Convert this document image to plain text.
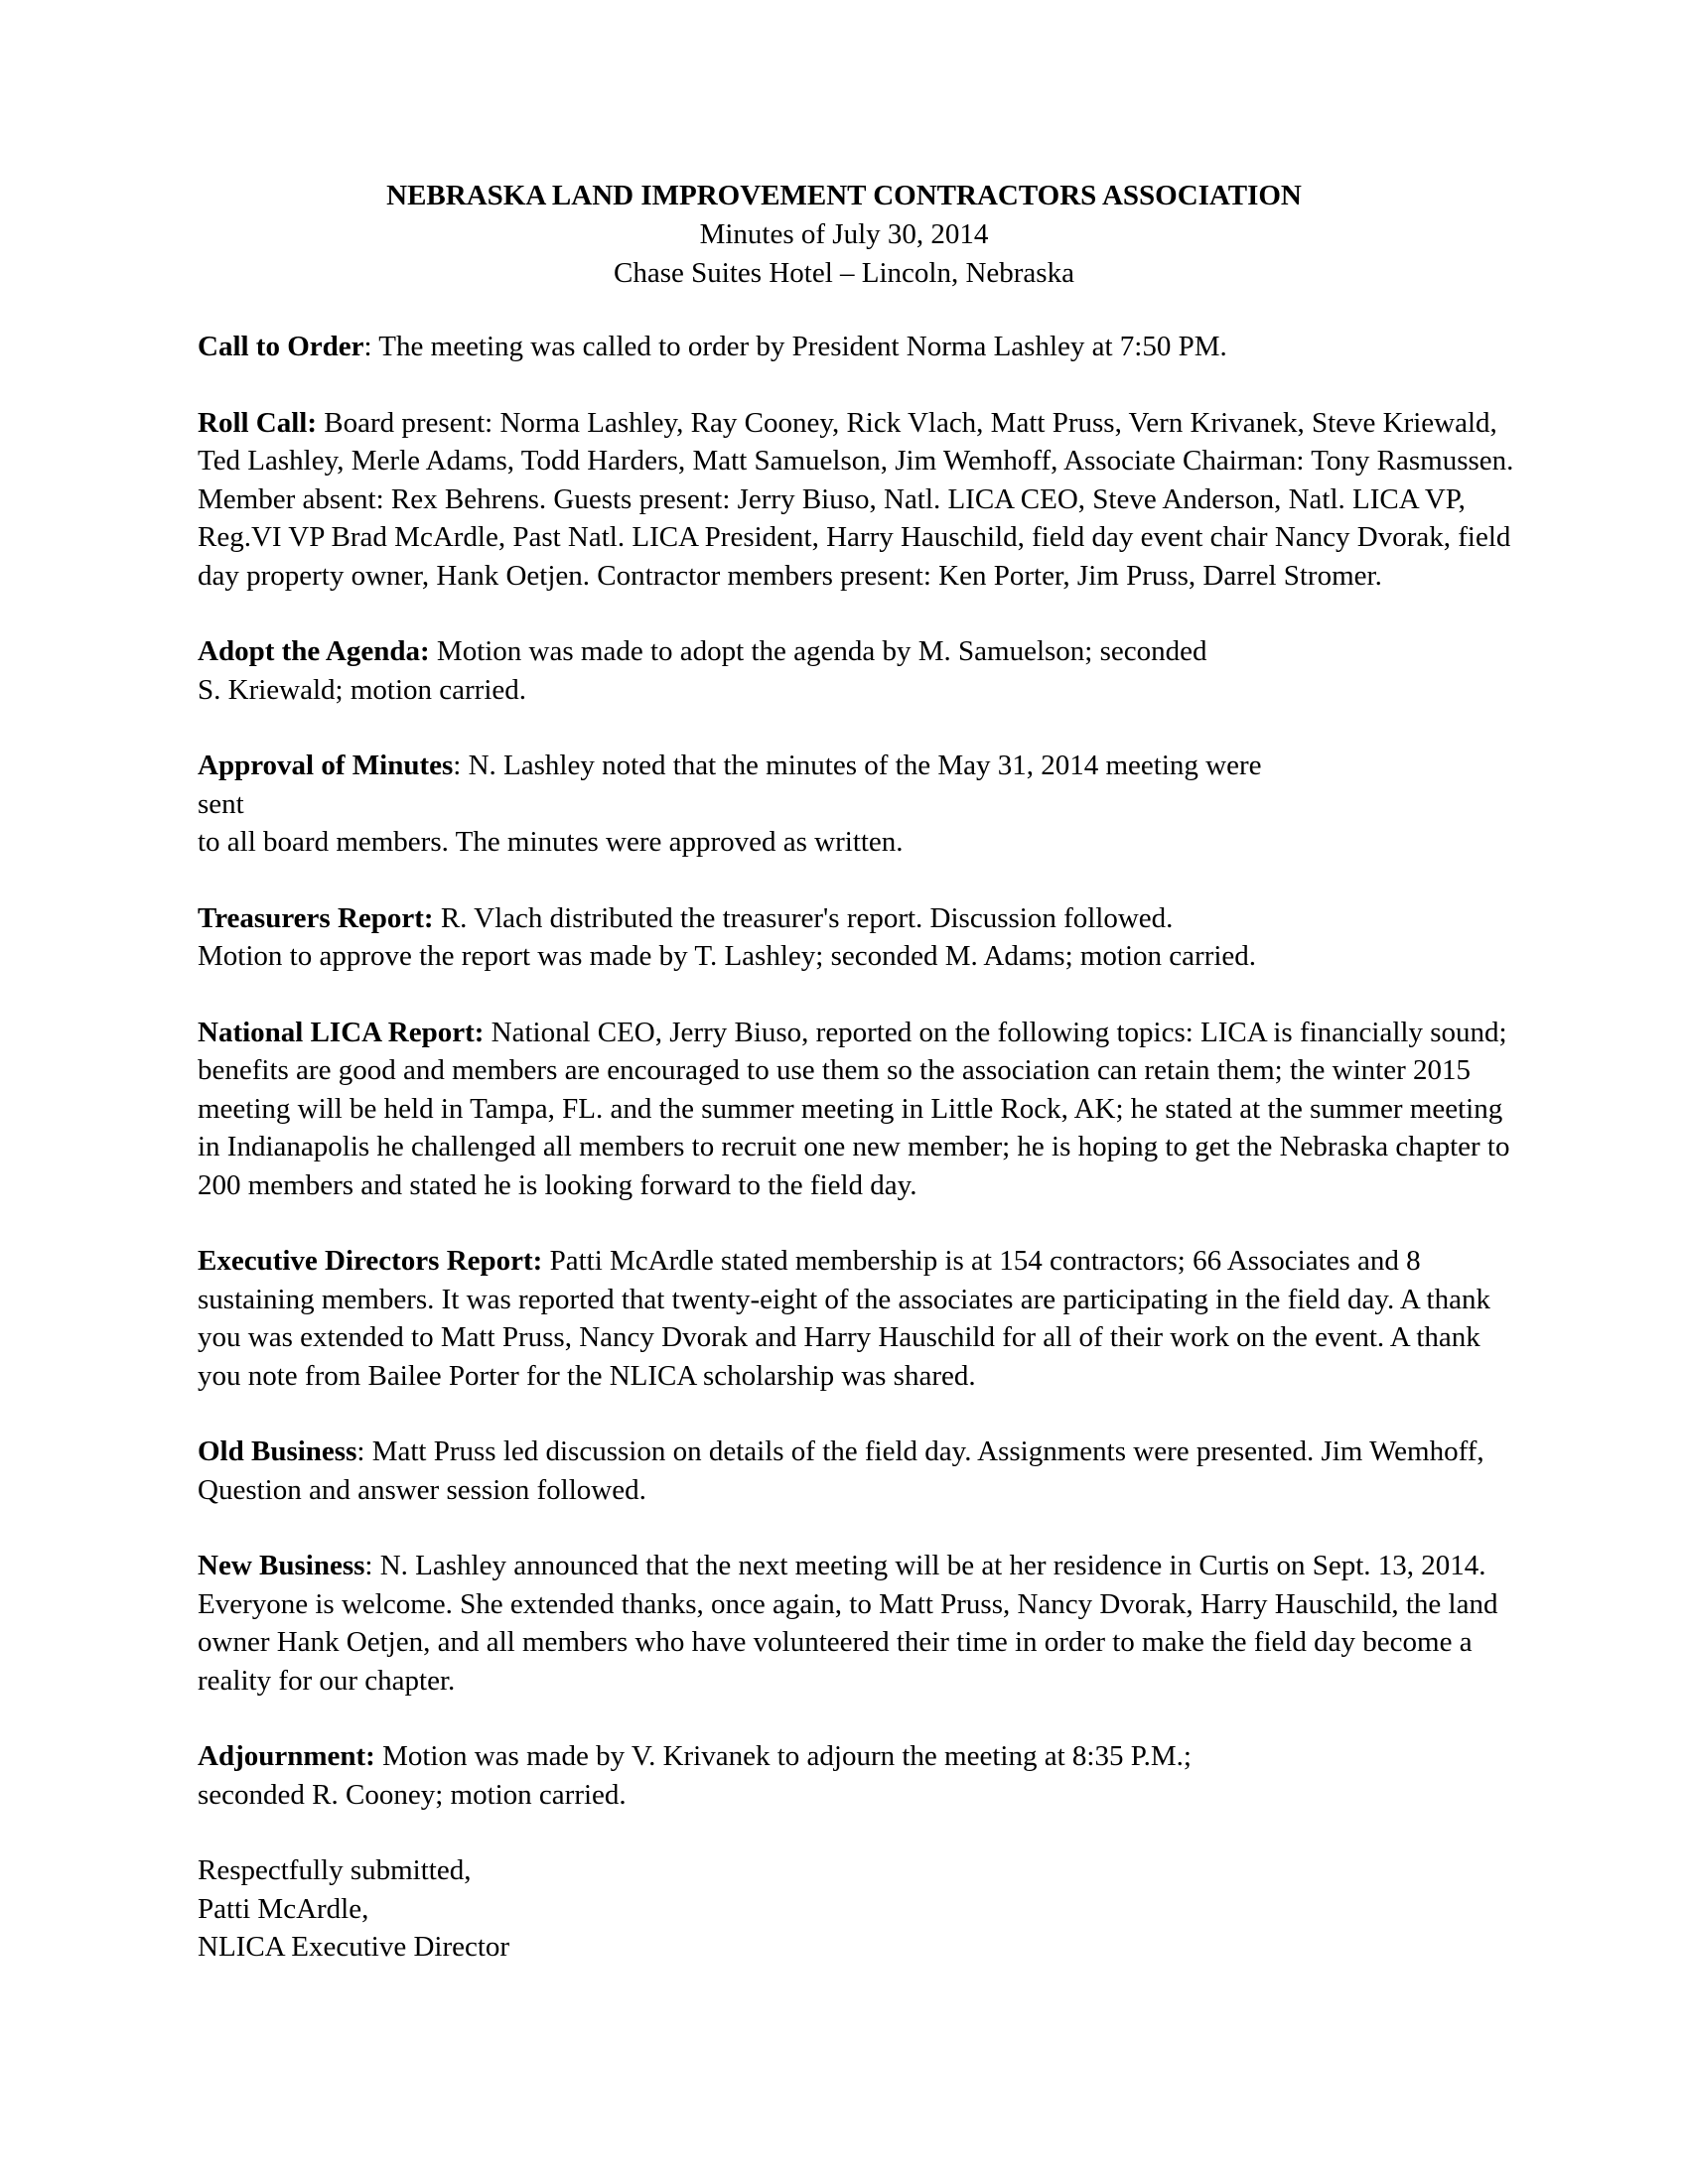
NEBRASKA LAND IMPROVEMENT CONTRACTORS ASSOCIATION
Minutes of July 30, 2014
Chase Suites Hotel – Lincoln, Nebraska

Call to Order: The meeting was called to order by President Norma Lashley at 7:50 PM.

Roll Call: Board present: Norma Lashley, Ray Cooney, Rick Vlach, Matt Pruss, Vern Krivanek, Steve Kriewald, Ted Lashley, Merle Adams, Todd Harders, Matt Samuelson, Jim Wemhoff, Associate Chairman: Tony Rasmussen. Member absent: Rex Behrens. Guests present: Jerry Biuso, Natl. LICA CEO, Steve Anderson, Natl. LICA VP, Reg.VI VP Brad McArdle, Past Natl. LICA President, Harry Hauschild, field day event chair Nancy Dvorak, field day property owner, Hank Oetjen. Contractor members present: Ken Porter, Jim Pruss, Darrel Stromer.

Adopt the Agenda: Motion was made to adopt the agenda by M. Samuelson; seconded

S. Kriewald; motion carried.

Approval of Minutes: N. Lashley noted that the minutes of the May 31, 2014 meeting were

sent

to all board members. The minutes were approved as written.

Treasurers Report: R. Vlach distributed the treasurer's report. Discussion followed.

Motion to approve the report was made by T. Lashley; seconded M. Adams; motion carried.

National LICA Report: National CEO, Jerry Biuso, reported on the following topics: LICA is financially sound; benefits are good and members are encouraged to use them so the association can retain them; the winter 2015 meeting will be held in Tampa, FL. and the summer meeting in Little Rock, AK; he stated at the summer meeting in Indianapolis he challenged all members to recruit one new member; he is hoping to get the Nebraska chapter to 200 members and stated he is looking forward to the field day.

Executive Directors Report: Patti McArdle stated membership is at 154 contractors; 66 Associates and 8 sustaining members. It was reported that twenty-eight of the associates are participating in the field day. A thank you was extended to Matt Pruss, Nancy Dvorak and Harry Hauschild for all of their work on the event. A thank you note from Bailee Porter for the NLICA scholarship was shared.

Old Business: Matt Pruss led discussion on details of the field day. Assignments were presented. Jim Wemhoff, Question and answer session followed.

New Business: N. Lashley announced that the next meeting will be at her residence in Curtis on Sept. 13, 2014. Everyone is welcome. She extended thanks, once again, to Matt Pruss, Nancy Dvorak, Harry Hauschild, the land owner Hank Oetjen, and all members who have volunteered their time in order to make the field day become a reality for our chapter.

Adjournment: Motion was made by V. Krivanek to adjourn the meeting at 8:35 P.M.;

seconded R. Cooney; motion carried.

Respectfully submitted,
Patti McArdle,
NLICA Executive Director
